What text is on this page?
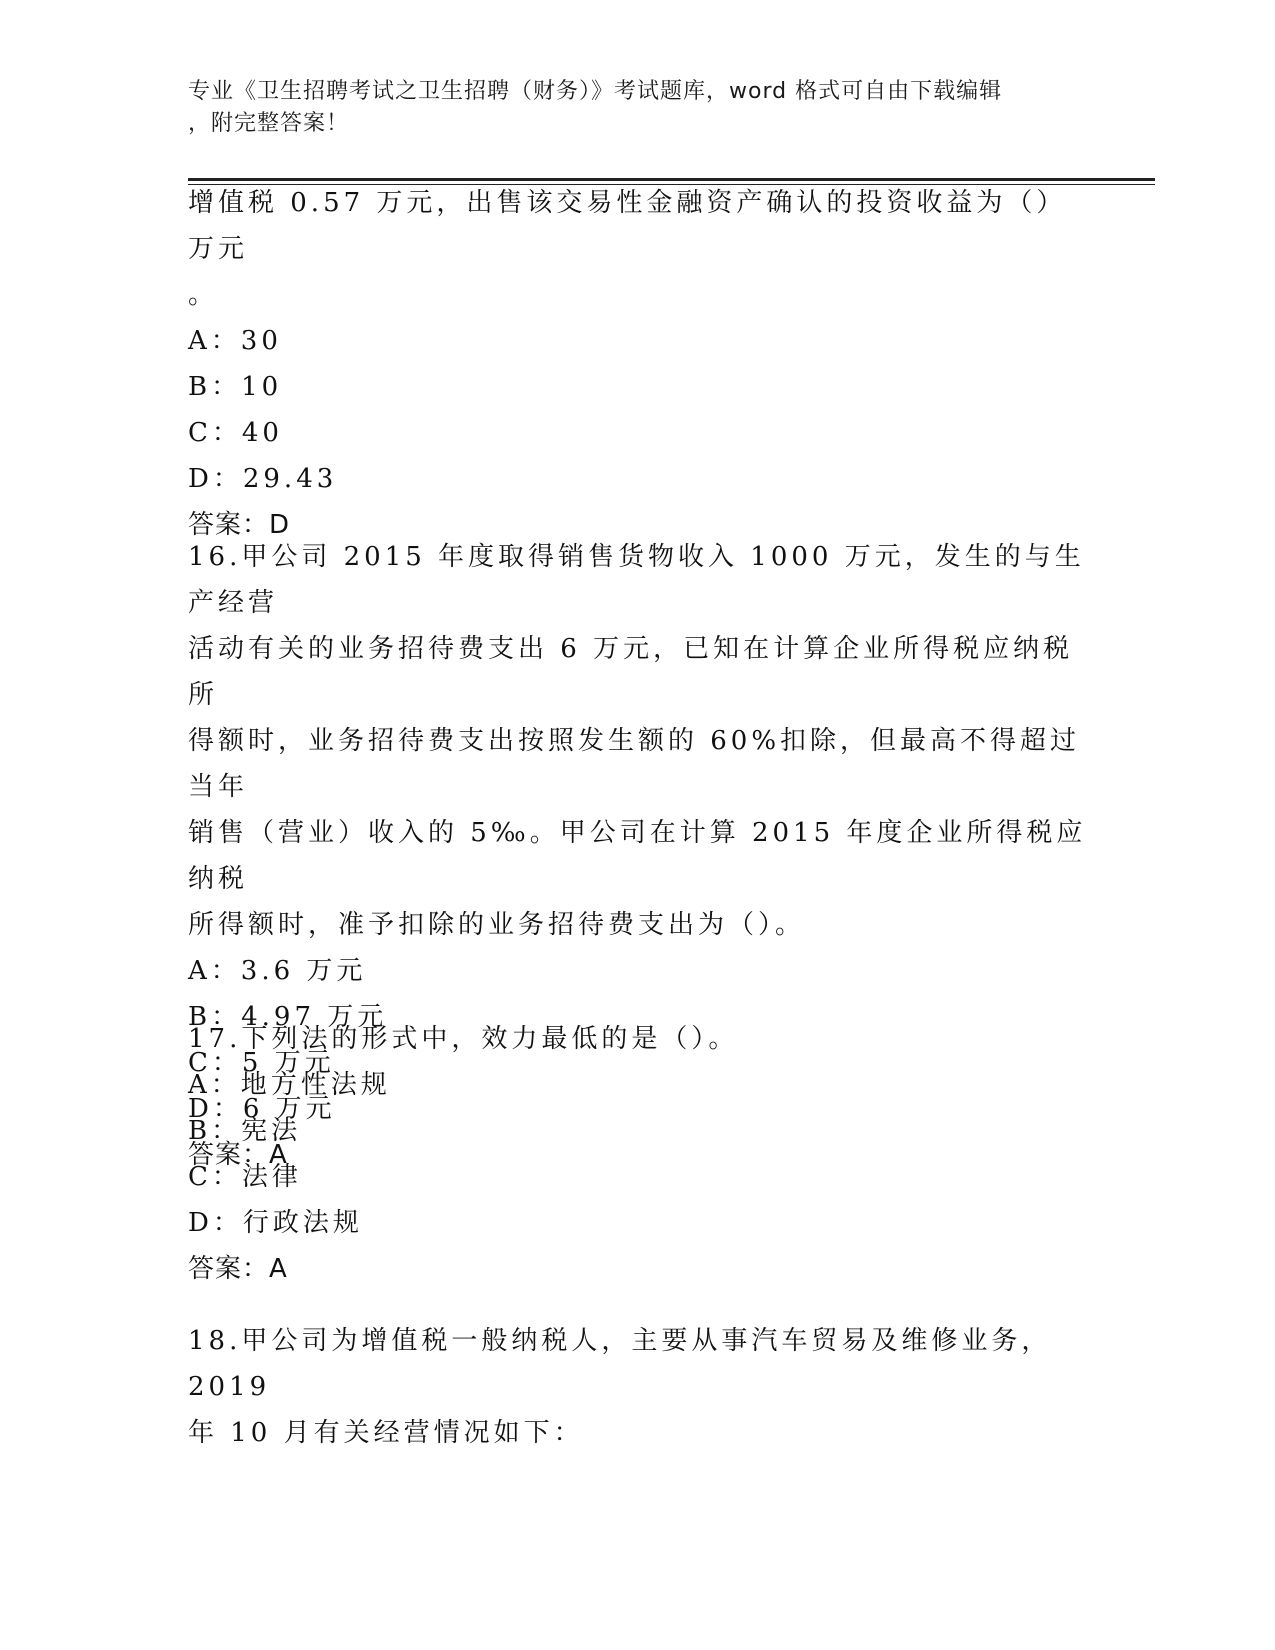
专业《卫生招聘考试之卫生招聘（财务）》考试题库，word 格式可自由下载编辑
，附完整答案！

增值税 0.57 万元，出售该交易性金融资产确认的投资收益为（）万元

。

A：30

B：10

C：40

D：29.43

答案：D

16.甲公司 2015 年度取得销售货物收入 1000 万元，发生的与生产经营

活动有关的业务招待费支出 6 万元，已知在计算企业所得税应纳税所

得额时，业务招待费支出按照发生额的 60%扣除，但最高不得超过当年

销售（营业）收入的 5‰。甲公司在计算 2015 年度企业所得税应纳税

所得额时，准予扣除的业务招待费支出为（）。

A：3.6 万元

B：4.97 万元

C：5 万元

D：6 万元

答案：A

17.下列法的形式中，效力最低的是（）。

A：地方性法规

B：宪法

C：法律

D：行政法规

答案：A

18.甲公司为增值税一般纳税人，主要从事汽车贸易及维修业务，2019

年 10 月有关经营情况如下：
